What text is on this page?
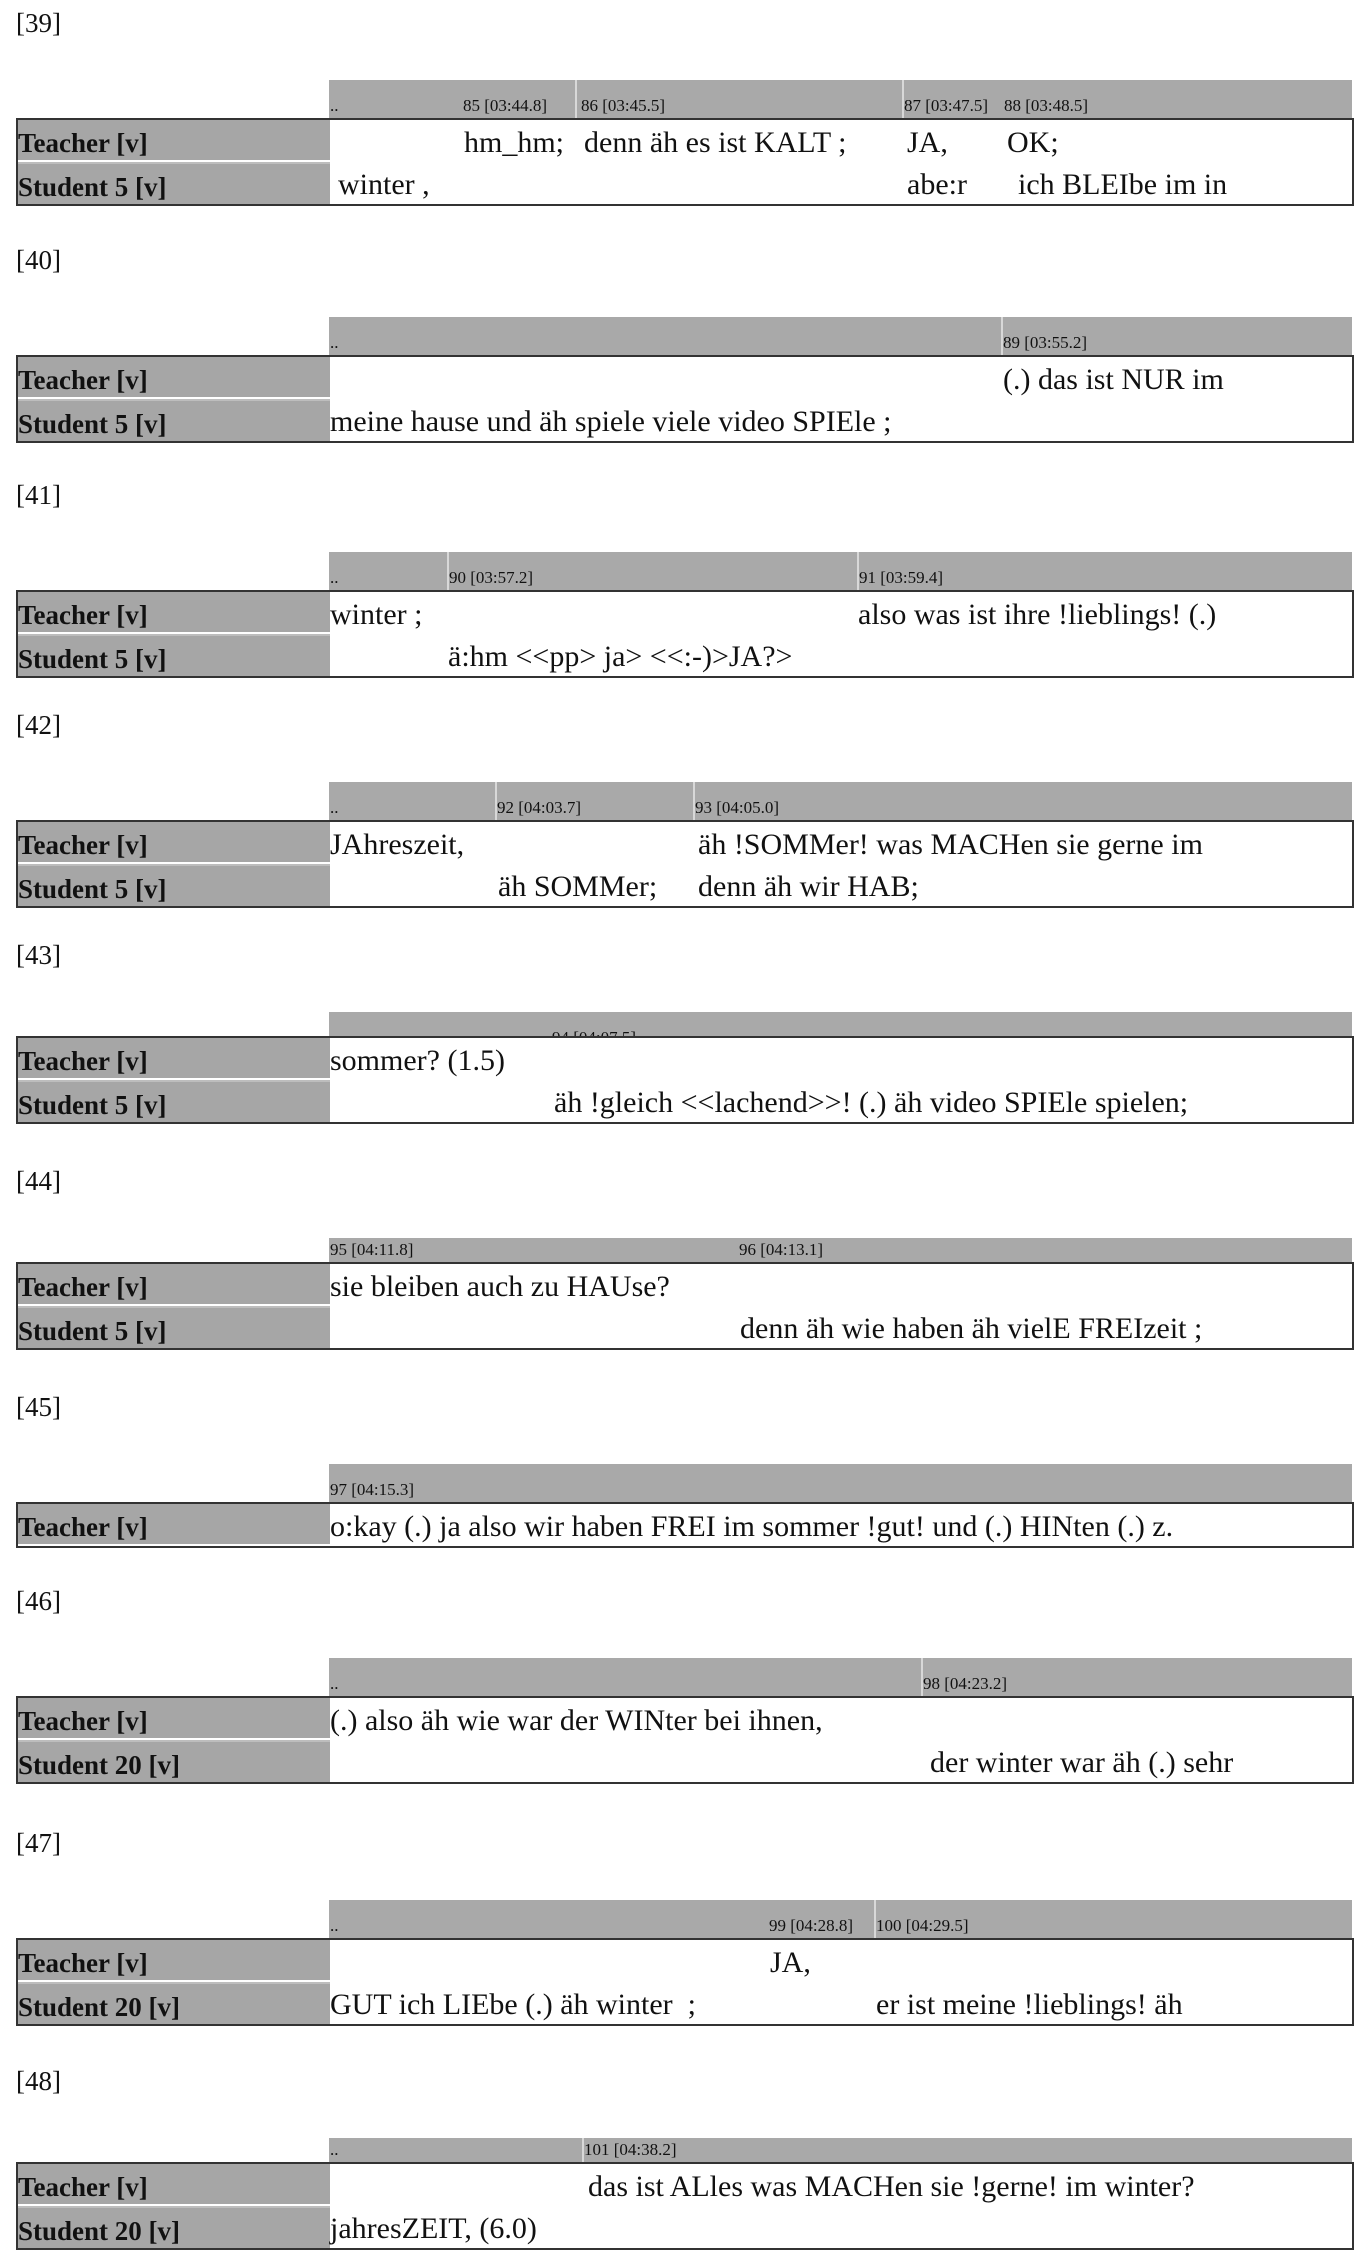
[39]
..	85 [03:44.8] 86 [03:45.5]	87 [03:47.5] 88 [03:48.5]
Teacher [v]	hm_hm; denn äh es ist KALT ; JA, OK;
Student 5 [v]	winter ,	abe:r ich BLEIbe im in
[40]
..	89 [03:55.2]
Teacher [v]	(.) das ist NUR im
Student 5 [v]	meine hause und äh spiele viele video SPIEle ;
[41]
..	90 [03:57.2]	91 [03:59.4]
Teacher [v]	winter ;	also was ist ihre !lieblings! (.)
Student 5 [v]	ä:hm <<pp> ja> <<:-)>JA?>
[42]
..	92 [04:03.7]	93 [04:05.0]
Teacher [v]	JAhreszeit,	äh !SOMMer! was MACHen sie gerne im
Student 5 [v]	äh SOMMer; denn äh wir HAB;
[43]
Teacher [v]	sommer? (1.5)
Student 5 [v]	äh !gleich <<lachend>>! (.) äh video SPIEle spielen;
[44]
95 [04:11.8]	96 [04:13.1]
Teacher [v]	sie bleiben auch zu HAUse?
Student 5 [v]	denn äh wie haben äh vielE FREIzeit ;
[45]
97 [04:15.3]
Teacher [v]	o:kay (.) ja also wir haben FREI im sommer !gut! und (.) HINten (.) z.
[46]
..	98 [04:23.2]
Teacher [v]	(.) also äh wie war der WINter bei ihnen,
Student 20 [v]	der winter war äh (.) sehr
[47]
..	99 [04:28.8] 100 [04:29.5]
Teacher [v]	JA,
Student 20 [v]	GUT ich LIEbe (.) äh winter  ;	er ist meine !lieblings! äh
[48]
..	101 [04:38.2]
Teacher [v]	das ist ALles was MACHen sie !gerne! im winter?
Student 20 [v]	jahresZEIT, (6.0)
